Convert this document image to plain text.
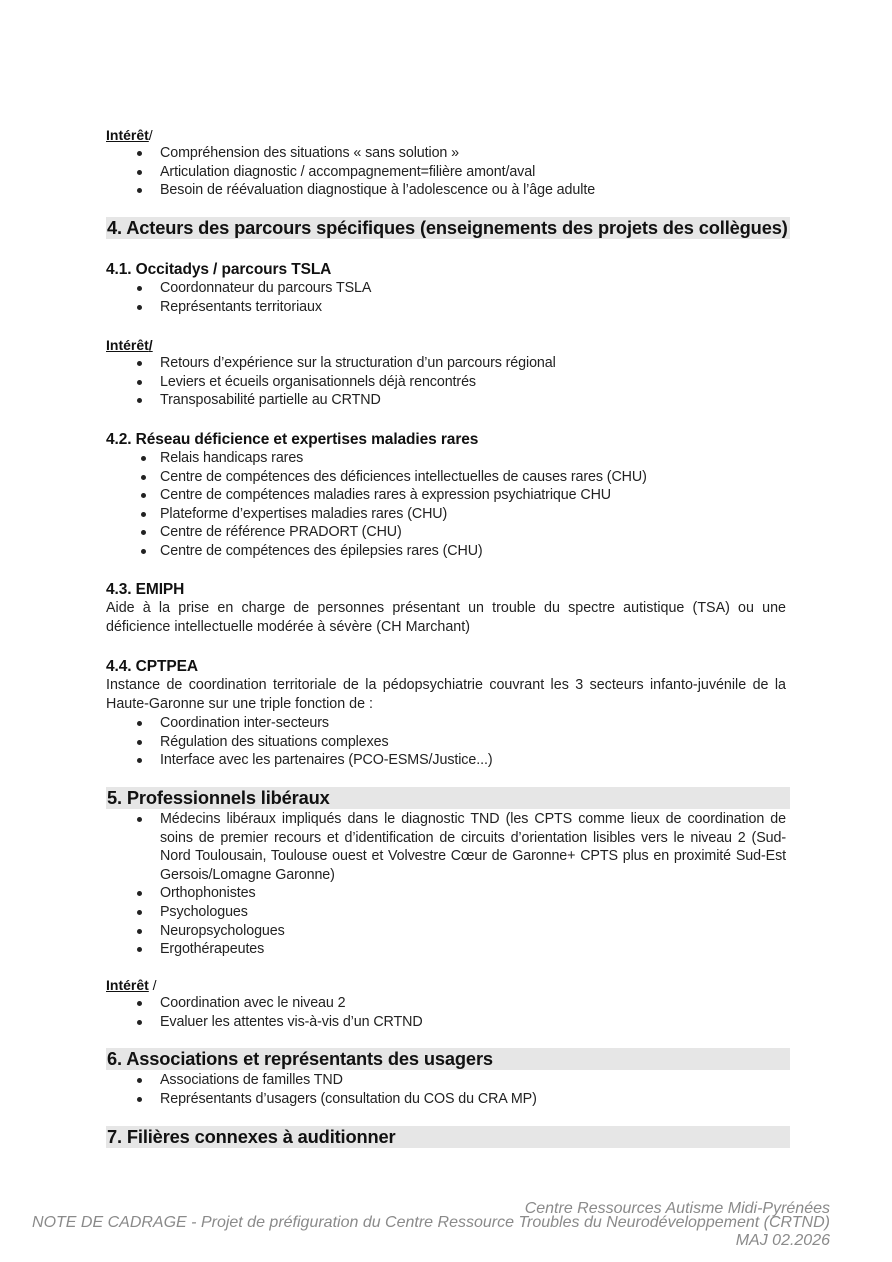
Intérêt/
Compréhension des situations « sans solution »
Articulation diagnostic / accompagnement=filière amont/aval
Besoin de réévaluation diagnostique à l’adolescence ou à l’âge adulte
4. Acteurs des parcours spécifiques (enseignements des projets des collègues)
4.1. Occitadys / parcours TSLA
Coordonnateur du parcours TSLA
Représentants territoriaux
Intérêt/
Retours d’expérience sur la structuration d’un parcours régional
Leviers et écueils organisationnels déjà rencontrés
Transposabilité partielle au CRTND
4.2. Réseau déficience et expertises maladies rares
Relais handicaps rares
Centre de compétences des déficiences intellectuelles de causes rares (CHU)
Centre de compétences maladies rares à expression psychiatrique CHU
Plateforme d’expertises maladies rares (CHU)
Centre de référence PRADORT (CHU)
Centre de compétences des épilepsies rares (CHU)
4.3. EMIPH

Aide à la prise en charge de personnes présentant un trouble du spectre autistique (TSA) ou une déficience intellectuelle modérée à sévère (CH Marchant)

4.4. CPTPEA

Instance de coordination territoriale de la pédopsychiatrie couvrant les 3 secteurs infanto-juvénile de la Haute-Garonne sur une triple fonction de :

Coordination inter-secteurs
Régulation des situations complexes
Interface avec les partenaires (PCO-ESMS/Justice...)
5. Professionnels libéraux
Médecins libéraux impliqués dans le diagnostic TND (les CPTS comme lieux de coordination de soins de premier recours et d’identification de circuits d’orientation lisibles vers le niveau 2 (Sud-Nord Toulousain, Toulouse ouest et Volvestre Cœur de Garonne+ CPTS plus en proximité Sud-Est Gersois/Lomagne Garonne)
Orthophonistes
Psychologues
Neuropsychologues
Ergothérapeutes
Intérêt /
Coordination avec le niveau 2
Evaluer les attentes vis-à-vis d’un CRTND
6. Associations et représentants des usagers
Associations de familles TND
Représentants d’usagers (consultation du COS du CRA MP)
7. Filières connexes à auditionner
Centre Ressources Autisme Midi-Pyrénées
NOTE DE CADRAGE - Projet de préfiguration du Centre Ressource Troubles du Neurodéveloppement (CRTND) MAJ 02.2026
